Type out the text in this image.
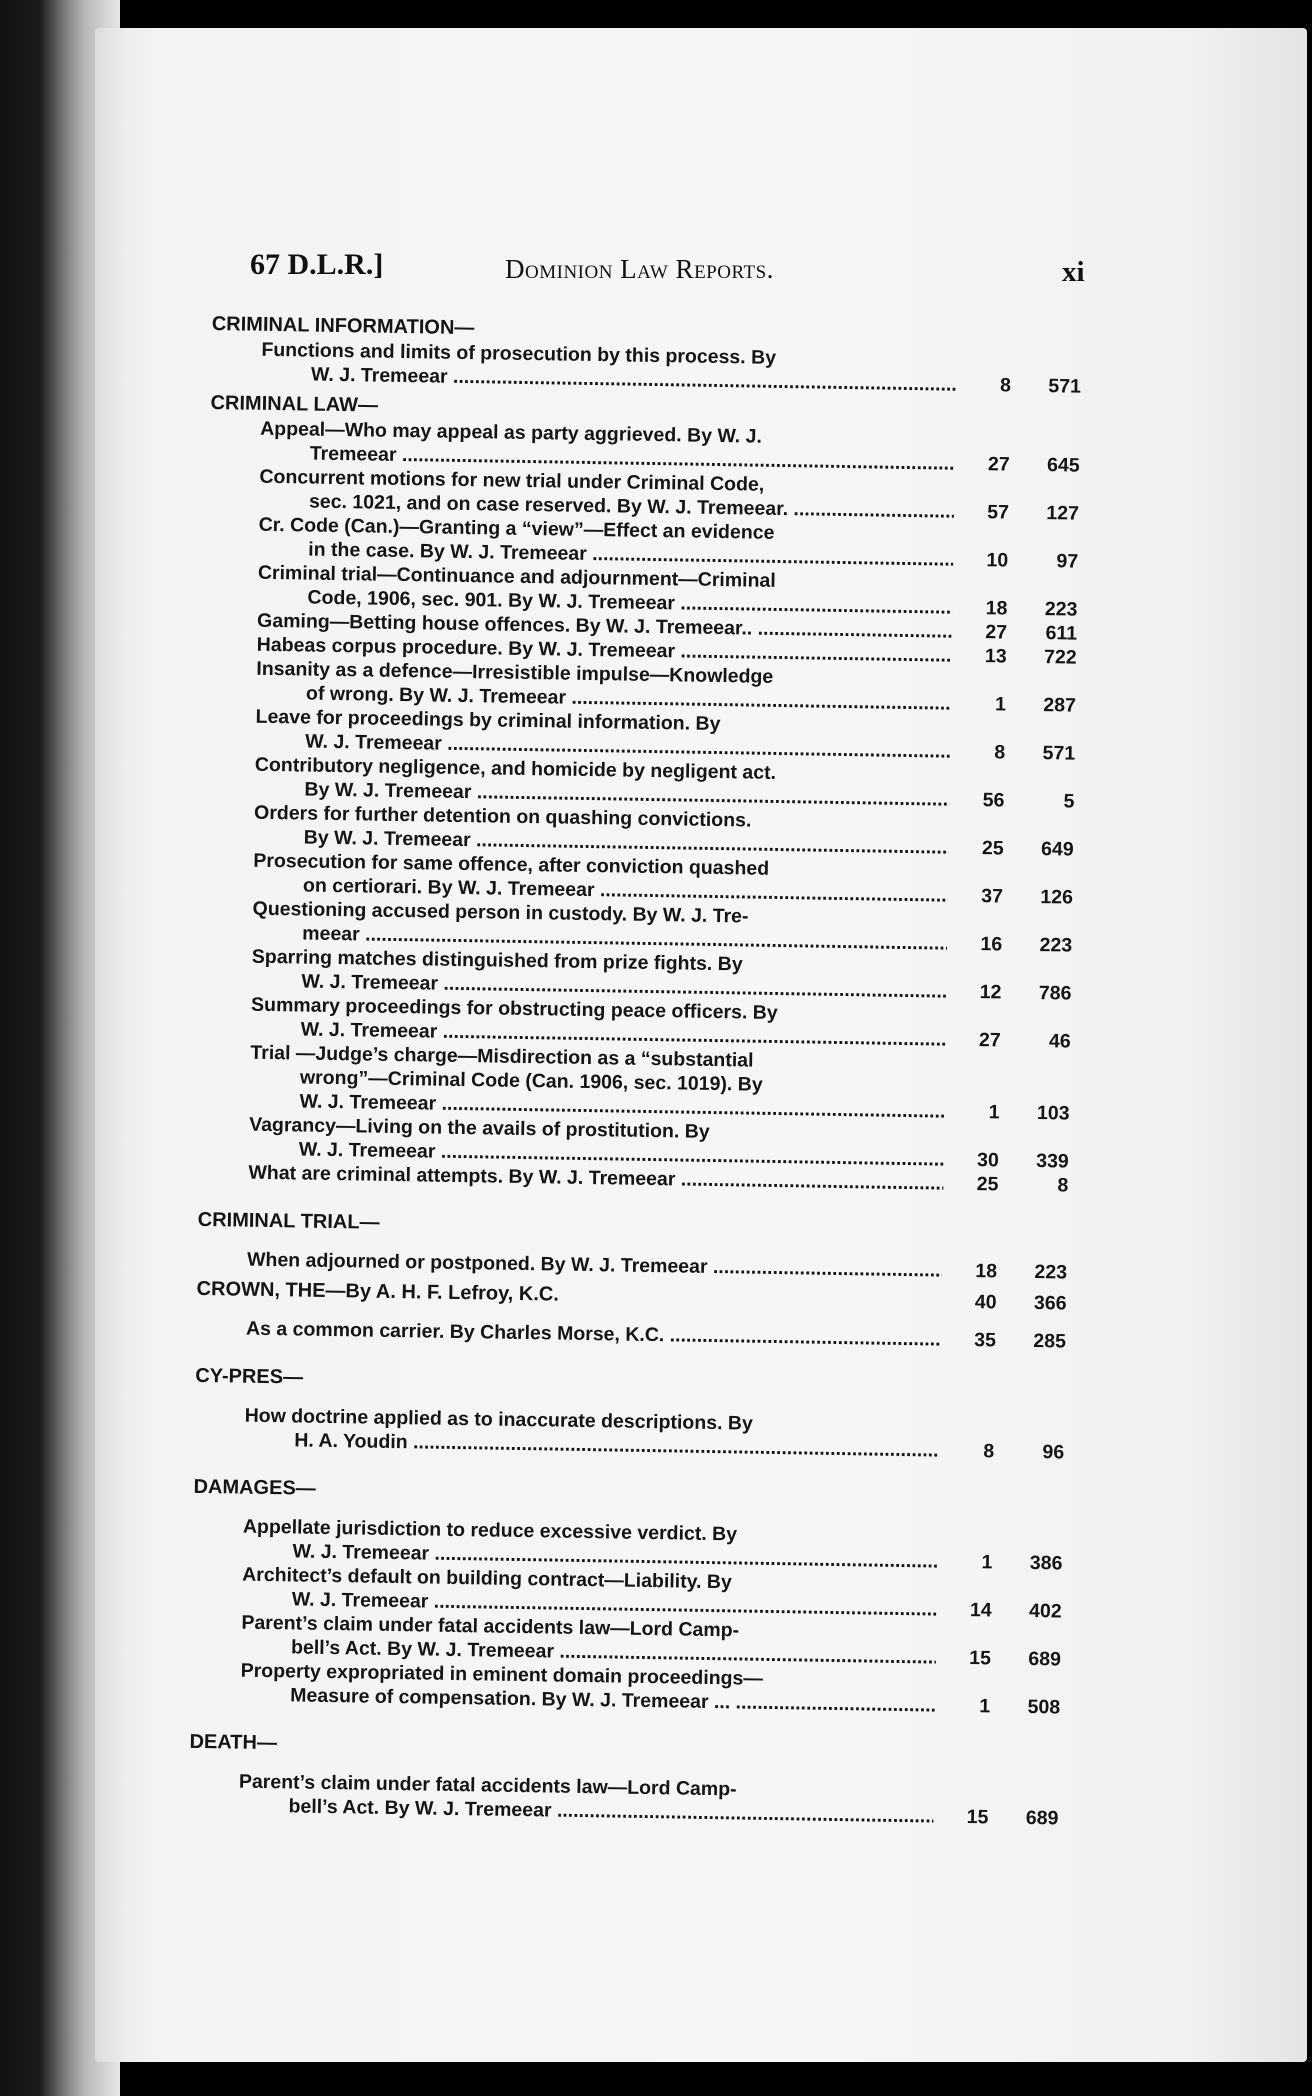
67 D.L.R.]	Dominion Law Reports.	xi
CRIMINAL INFORMATION—
Functions and limits of prosecution by this process. By
W. J. Tremeear .....	8	571
CRIMINAL LAW—
Appeal—Who may appeal as party aggrieved. By W. J.
Tremeear .....	27	645
Concurrent motions for new trial under Criminal Code,
sec. 1021, and on case reserved. By W. J. Tremeear. .....	57	127
Cr. Code (Can.)—Granting a “view”—Effect an evidence
in the case. By W. J. Tremeear .....	10	97
Criminal trial—Continuance and adjournment—Criminal
Code, 1906, sec. 901. By W. J. Tremeear .....	18	223
Gaming—Betting house offences. By W. J. Tremeear.. .....	27	611
Habeas corpus procedure. By W. J. Tremeear .....	13	722
Insanity as a defence—Irresistible impulse—Knowledge
of wrong. By W. J. Tremeear .....	1	287
Leave for proceedings by criminal information. By
W. J. Tremeear .....	8	571
Contributory negligence, and homicide by negligent act.
By W. J. Tremeear .....	56	5
Orders for further detention on quashing convictions.
By W. J. Tremeear .....	25	649
Prosecution for same offence, after conviction quashed
on certiorari. By W. J. Tremeear .....	37	126
Questioning accused person in custody. By W. J. Tre-
meear .....	16	223
Sparring matches distinguished from prize fights. By
W. J. Tremeear .....	12	786
Summary proceedings for obstructing peace officers. By
W. J. Tremeear .....	27	46
Trial —Judge’s charge—Misdirection as a “substantial
wrong”—Criminal Code (Can. 1906, sec. 1019). By
W. J. Tremeear .....	1	103
Vagrancy—Living on the avails of prostitution. By
W. J. Tremeear .....	30	339
What are criminal attempts. By W. J. Tremeear .....	25	8
CRIMINAL TRIAL—
When adjourned or postponed. By W. J. Tremeear .....	18	223
CROWN, THE—By A. H. F. Lefroy, K.C.	40	366
As a common carrier. By Charles Morse, K.C. .....	35	285
CY-PRES—
How doctrine applied as to inaccurate descriptions. By
H. A. Youdin .....	8	96
DAMAGES—
Appellate jurisdiction to reduce excessive verdict. By
W. J. Tremeear .....	1	386
Architect’s default on building contract—Liability. By
W. J. Tremeear .....	14	402
Parent’s claim under fatal accidents law—Lord Camp-
bell’s Act. By W. J. Tremeear .....	15	689
Property expropriated in eminent domain proceedings—
Measure of compensation. By W. J. Tremeear ... .....	1	508
DEATH—
Parent’s claim under fatal accidents law—Lord Camp-
bell’s Act. By W. J. Tremeear .....	15	689
